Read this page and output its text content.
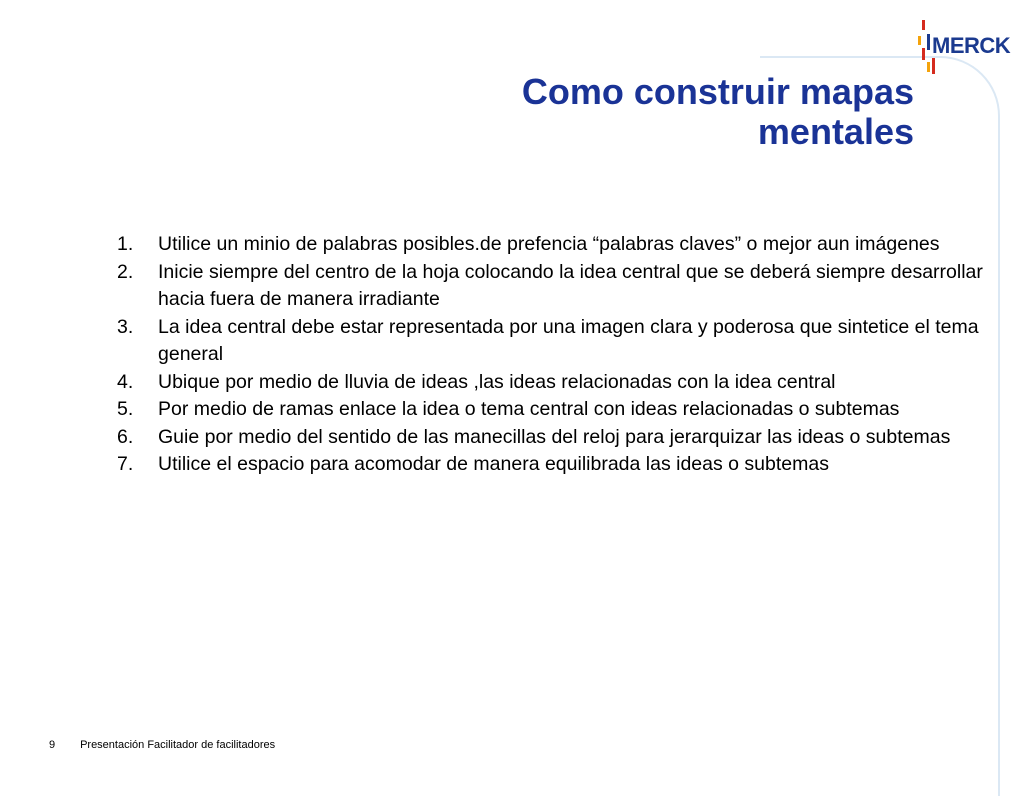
MERCK
Como construir mapas
mentales
1.	Utilice un minio de palabras posibles.de prefencia “palabras claves” o mejor aun imágenes
2.	Inicie siempre del centro de la hoja colocando la idea central que se deberá siempre desarrollar hacia fuera de manera irradiante
3.	La idea central debe estar representada por una imagen clara y poderosa que sintetice el tema general
4.	Ubique por medio de lluvia de ideas ,las ideas relacionadas con la idea central
5.	Por medio de ramas enlace la idea o tema central con ideas relacionadas o subtemas
6.	Guie por medio del sentido de las manecillas del reloj para jerarquizar las ideas o subtemas
7.	Utilice el espacio para acomodar de manera equilibrada las ideas o subtemas
9 Presentación Facilitador de facilitadores
